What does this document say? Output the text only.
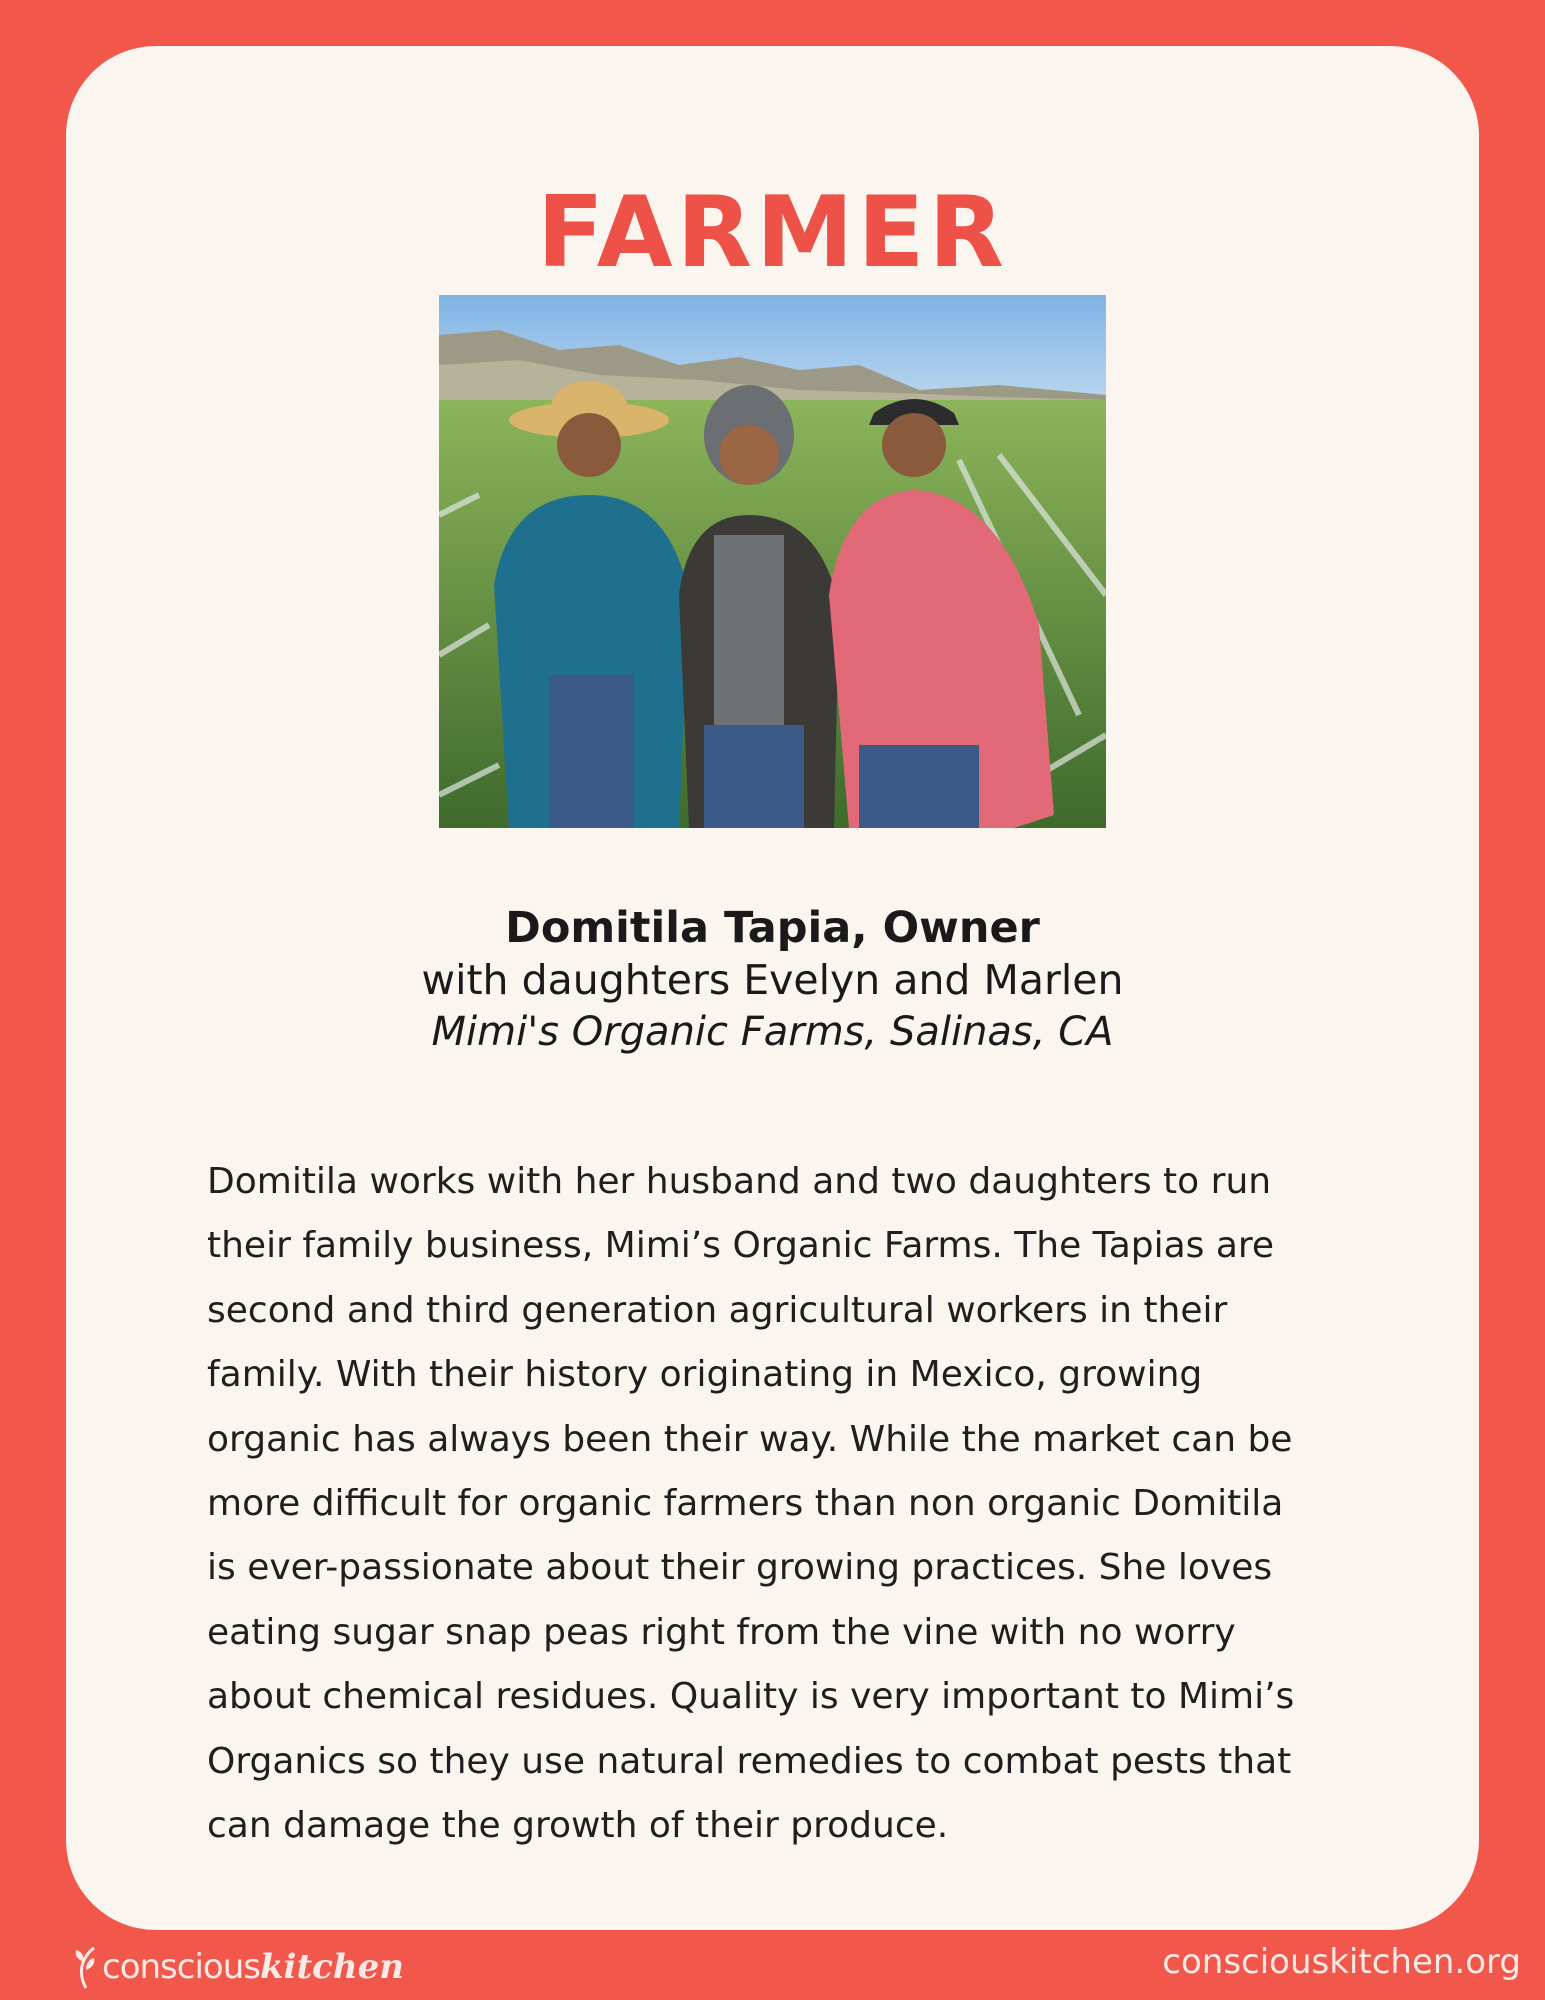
FARMER
Domitila Tapia, Owner
with daughters Evelyn and Marlen
Mimi's Organic Farms, Salinas, CA
Domitila works with her husband and two daughters to run
their family business, Mimi’s Organic Farms. The Tapias are
second and third generation agricultural workers in their
family. With their history originating in Mexico, growing
organic has always been their way. While the market can be
more difficult for organic farmers than non organic Domitila
is ever-passionate about their growing practices. She loves
eating sugar snap peas right from the vine with no worry
about chemical residues. Quality is very important to Mimi’s
Organics so they use natural remedies to combat pests that
can damage the growth of their produce.
conscious kitchen	consciouskitchen.org
